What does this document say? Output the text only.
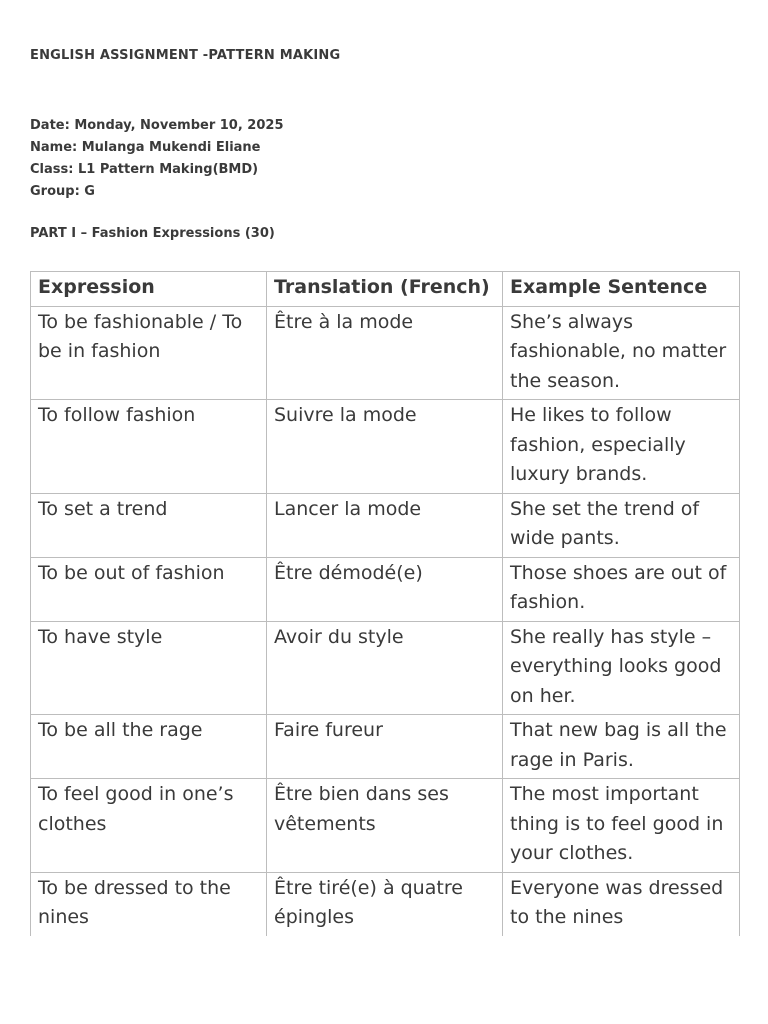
ENGLISH ASSIGNMENT -PATTERN MAKING
Date: Monday, November 10, 2025
Name: Mulanga Mukendi Eliane
Class: L1 Pattern Making(BMD)
Group: G
PART I – Fashion Expressions (30)
Expression	Translation (French)	Example Sentence
To be fashionable / To be in fashion	Être à la mode	She’s always fashionable, no matter the season.
To follow fashion	Suivre la mode	He likes to follow fashion, especially luxury brands.
To set a trend	Lancer la mode	She set the trend of wide pants.
To be out of fashion	Être démodé(e)	Those shoes are out of fashion.
To have style	Avoir du style	She really has style – everything looks good on her.
To be all the rage	Faire fureur	That new bag is all the rage in Paris.
To feel good in one’s clothes	Être bien dans ses vêtements	The most important thing is to feel good in your clothes.
To be dressed to the nines	Être tiré(e) à quatre épingles	Everyone was dressed to the nines
